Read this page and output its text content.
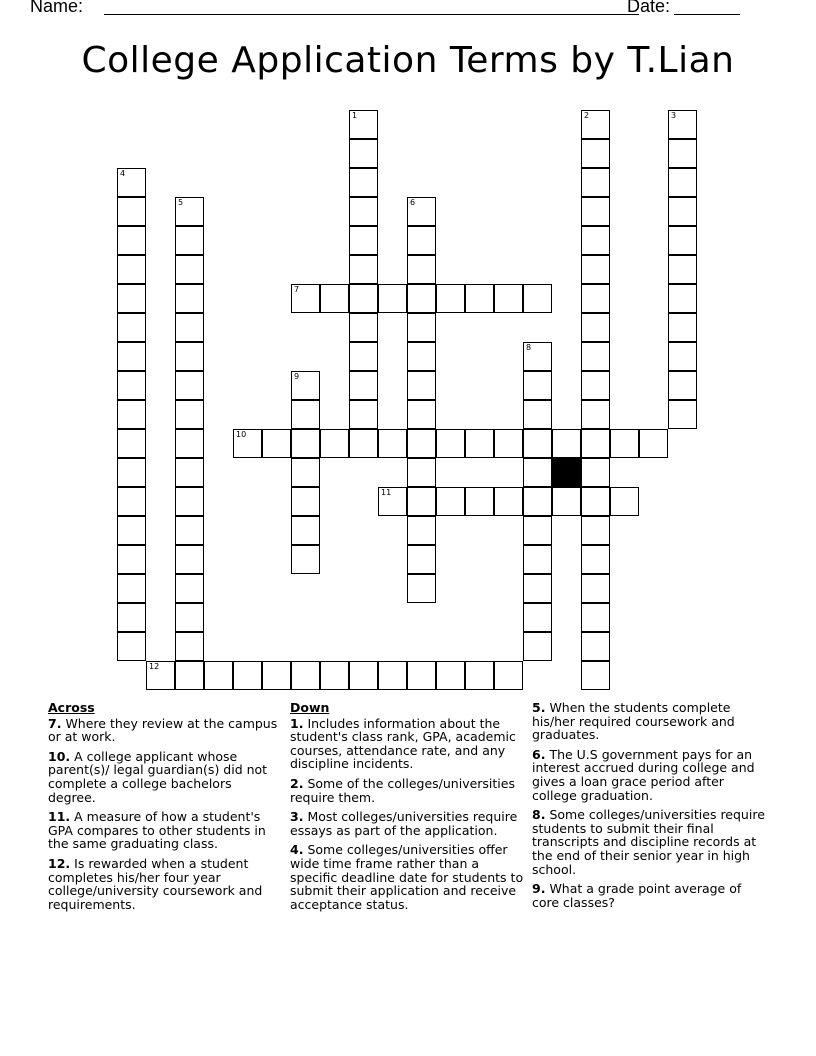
Name:	Date:
College Application Terms by T.Lian
1	2	3
4
5	6
8
9
7
10
11
12
Across
7. Where they review at the campus or at work.
10. A college applicant whose parent(s)/ legal guardian(s) did not complete a college bachelors degree.
11. A measure of how a student's GPA compares to other students in the same graduating class.
12. Is rewarded when a student completes his/her four year college/university coursework and requirements.
Down
1. Includes information about the student's class rank, GPA, academic courses, attendance rate, and any discipline incidents.
2. Some of the colleges/universities require them.
3. Most colleges/universities require essays as part of the application.
4. Some colleges/universities offer wide time frame rather than a specific deadline date for students to submit their application and receive acceptance status.
5. When the students complete his/her required coursework and graduates.
6. The U.S government pays for an interest accrued during college and gives a loan grace period after college graduation.
8. Some colleges/universities require students to submit their final transcripts and discipline records at the end of their senior year in high school.
9. What a grade point average of core classes?
